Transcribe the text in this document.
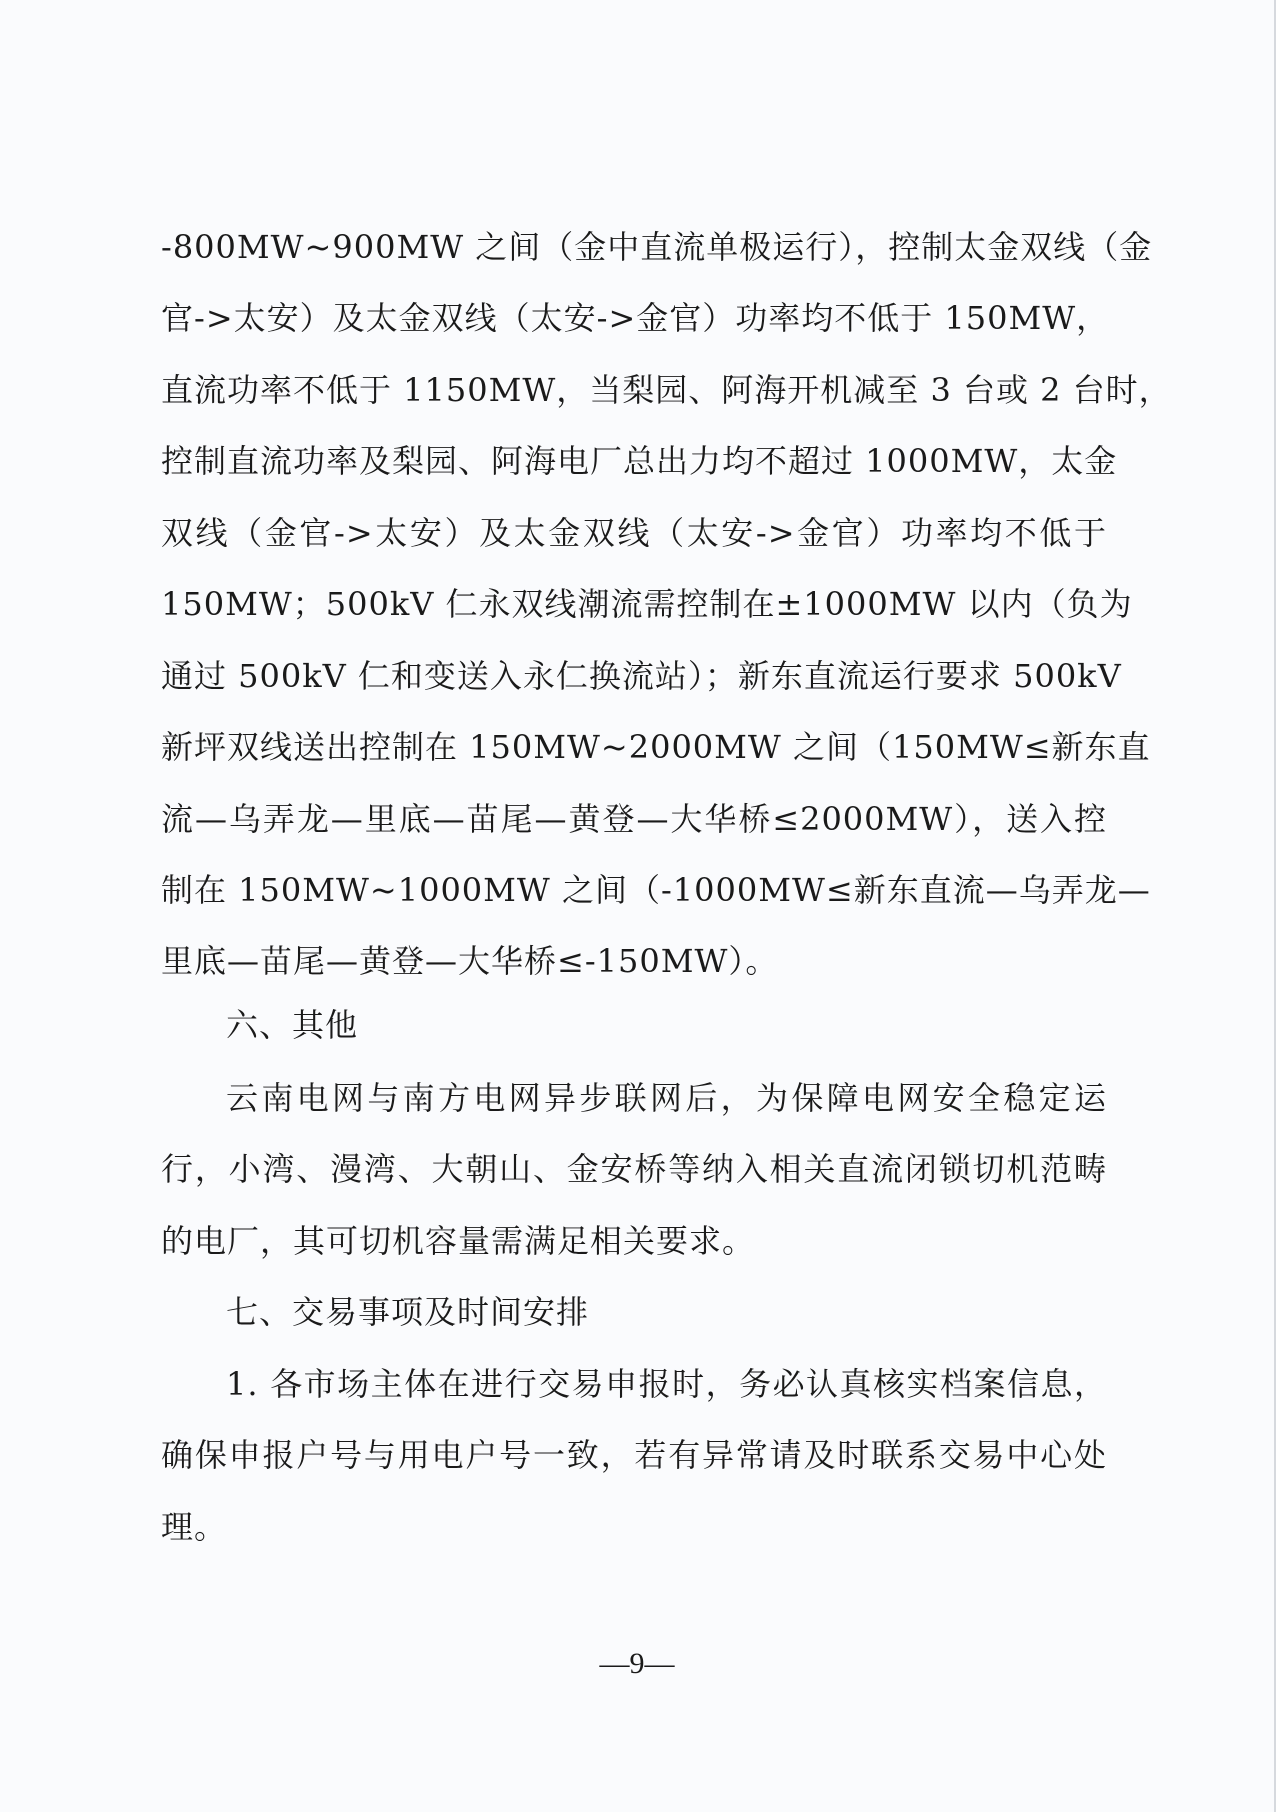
-800MW~900MW 之间（金中直流单极运行），控制太金双线（金
官->太安）及太金双线（太安->金官）功率均不低于 150MW，
直流功率不低于 1150MW，当梨园、阿海开机减至 3 台或 2 台时，
控制直流功率及梨园、阿海电厂总出力均不超过 1000MW，太金
双线（金官->太安）及太金双线（太安->金官）功率均不低于
150MW；500kV 仁永双线潮流需控制在±1000MW 以内（负为
通过 500kV 仁和变送入永仁换流站）；新东直流运行要求 500kV
新坪双线送出控制在 150MW~2000MW 之间（150MW≤新东直
流—乌弄龙—里底—苗尾—黄登—大华桥≤2000MW），送入控
制在 150MW~1000MW 之间（-1000MW≤新东直流—乌弄龙—
里底—苗尾—黄登—大华桥≤-150MW）。
六、其他
云南电网与南方电网异步联网后，为保障电网安全稳定运
行，小湾、漫湾、大朝山、金安桥等纳入相关直流闭锁切机范畴
的电厂，其可切机容量需满足相关要求。
七、交易事项及时间安排
1. 各市场主体在进行交易申报时，务必认真核实档案信息，
确保申报户号与用电户号一致，若有异常请及时联系交易中心处
理。
—9—
